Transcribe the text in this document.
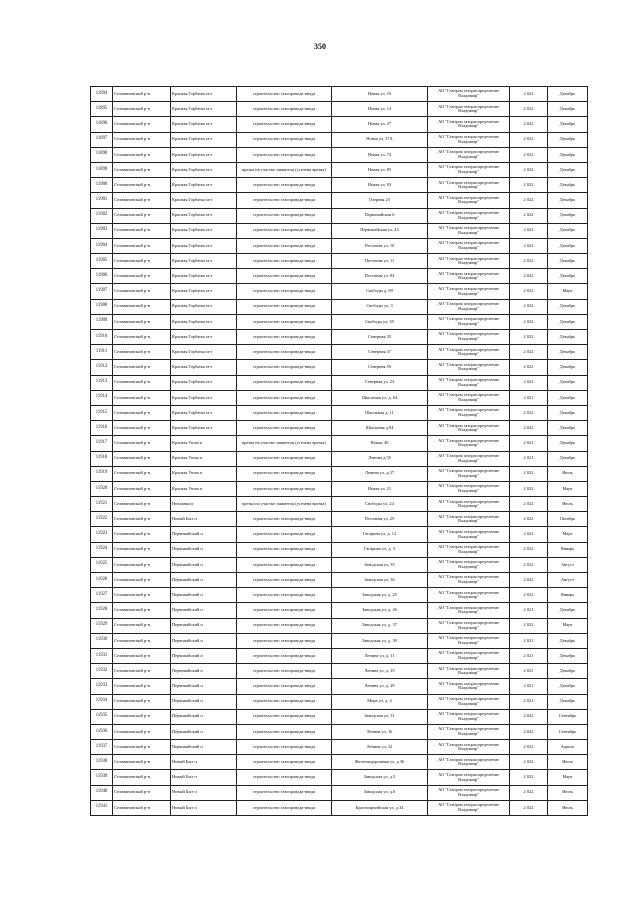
350
11894	Селивановский р-н	Красная Горбатка пгт	строительство газопровода-ввода	Новая ул, 10	АО "Газпром газораспределение Владимир"	2 022	Декабрь
11895	Селивановский р-н	Красная Горбатка пгт	строительство газопровода-ввода	Новая ул, 14	АО "Газпром газораспределение Владимир"	2 022	Декабрь
11896	Селивановский р-н	Красная Горбатка пгт	строительство газопровода-ввода	Новая ул, 27	АО "Газпром газораспределение Владимир"	2 022	Декабрь
11897	Селивановский р-н	Красная Горбатка пгт	строительство газопровода-ввода	Новая ул, 37А	АО "Газпром газораспределение Владимир"	2 022	Декабрь
11898	Селивановский р-н	Красная Горбатка пгт	строительство газопровода-ввода	Новая ул, 74	АО "Газпром газораспределение Владимир"	2 022	Декабрь
11899	Селивановский р-н	Красная Горбатка пгт	врезка на участке заявителя (усечена врезка)	Новая ул, 85	АО "Газпром газораспределение Владимир"	2 022	Декабрь
11900	Селивановский р-н	Красная Горбатка пгт	строительство газопровода-ввода	Новая ул, 93	АО "Газпром газораспределение Владимир"	2 022	Декабрь
11901	Селивановский р-н	Красная Горбатка пгт	строительство газопровода-ввода	Озерная 25	АО "Газпром газораспределение Владимир"	2 022	Декабрь
11902	Селивановский р-н	Красная Горбатка пгт	строительство газопровода-ввода	Первомайская 6	АО "Газпром газораспределение Владимир"	2 022	Декабрь
11903	Селивановский р-н	Красная Горбатка пгт	строительство газопровода-ввода	Первомайская ул, 43	АО "Газпром газораспределение Владимир"	2 022	Декабрь
11904	Селивановский р-н	Красная Горбатка пгт	строительство газопровода-ввода	Песочная ул, 10	АО "Газпром газораспределение Владимир"	2 022	Декабрь
11905	Селивановский р-н	Красная Горбатка пгт	строительство газопровода-ввода	Песочная ул, 11	АО "Газпром газораспределение Владимир"	2 022	Декабрь
11906	Селивановский р-н	Красная Горбатка пгт	строительство газопровода-ввода	Песочная ул, 84	АО "Газпром газораспределение Владимир"	2 022	Декабрь
11907	Селивановский р-н	Красная Горбатка пгт	строительство газопровода-ввода	Свободы д. 99	АО "Газпром газораспределение Владимир"	2 022	Март
11908	Селивановский р-н	Красная Горбатка пгт	строительство газопровода-ввода	Свободы ул, 3	АО "Газпром газораспределение Владимир"	2 022	Декабрь
11909	Селивановский р-н	Красная Горбатка пгт	строительство газопровода-ввода	Свободы ул, 39	АО "Газпром газораспределение Владимир"	2 022	Декабрь
11910	Селивановский р-н	Красная Горбатка пгт	строительство газопровода-ввода	Северная 35	АО "Газпром газораспределение Владимир"	2 022	Декабрь
11911	Селивановский р-н	Красная Горбатка пгт	строительство газопровода-ввода	Северная 37	АО "Газпром газораспределение Владимир"	2 022	Декабрь
11912	Селивановский р-н	Красная Горбатка пгт	строительство газопровода-ввода	Северная 59	АО "Газпром газораспределение Владимир"	2 022	Декабрь
11913	Селивановский р-н	Красная Горбатка пгт	строительство газопровода-ввода	Северная ул, 23	АО "Газпром газораспределение Владимир"	2 022	Декабрь
11914	Селивановский р-н	Красная Горбатка пгт	строительство газопровода-ввода	Школьная ул, д. 64	АО "Газпром газораспределение Владимир"	2 021	Декабрь
11915	Селивановский р-н	Красная Горбатка пгт	строительство газопровода-ввода	Школьная д. 11	АО "Газпром газораспределение Владимир"	2 022	Декабрь
11916	Селивановский р-н	Красная Горбатка пгт	строительство газопровода-ввода	Школьная д.94	АО "Газпром газораспределение Владимир"	2 022	Декабрь
11917	Селивановский р-н	Красная Ушна п	врезка на участке заявителя (усечена врезка)	Новая, 40	АО "Газпром газораспределение Владимир"	2 021	Декабрь
11918	Селивановский р-н	Красная Ушна п	строительство газопровода-ввода	Ленина д.35	АО "Газпром газораспределение Владимир"	2 021	Декабрь
11919	Селивановский р-н	Красная Ушна п	строительство газопровода-ввода	Ленина ул, д.37	АО "Газпром газораспределение Владимир"	2 022	Июль
11920	Селивановский р-н	Красная Ушна п	строительство газопровода-ввода	Новая ул, 21	АО "Газпром газораспределение Владимир"	2 022	Март
11921	Селивановский р-н	Новлянка п	врезка на участке заявителя (усечена врезка)	Свободы ул, 24	АО "Газпром газораспределение Владимир"	2 022	Июль
11922	Селивановский р-н	Новый Быт п	строительство газопровода-ввода	Песочная ул, 29	АО "Газпром газораспределение Владимир"	2 022	Октябрь
11923	Селивановский р-н	Первомайский п	строительство газопровода-ввода	Гагарина ул, д. 12	АО "Газпром газораспределение Владимир"	2 022	Март
11924	Селивановский р-н	Первомайский п	строительство газопровода-ввода	Гагарина ул, д. 3	АО "Газпром газораспределение Владимир"	2 022	Январь
11925	Селивановский р-н	Первомайский п	строительство газопровода-ввода	Заводская ул, 35	АО "Газпром газораспределение Владимир"	2 022	Август
11926	Селивановский р-н	Первомайский п	строительство газопровода-ввода	Заводская ул, 36	АО "Газпром газораспределение Владимир"	2 022	Август
11927	Селивановский р-н	Первомайский п	строительство газопровода-ввода	Заводская ул, д. 25	АО "Газпром газораспределение Владимир"	2 022	Январь
11928	Селивановский р-н	Первомайский п	строительство газопровода-ввода	Заводская ул, д. 26	АО "Газпром газораспределение Владимир"	2 021	Декабрь
11929	Селивановский р-н	Первомайский п	строительство газопровода-ввода	Заводская ул, д. 37	АО "Газпром газораспределение Владимир"	2 022	Март
11930	Селивановский р-н	Первомайский п	строительство газопровода-ввода	Заводская ул, д. 39	АО "Газпром газораспределение Владимир"	2 021	Декабрь
11931	Селивановский р-н	Первомайский п	строительство газопровода-ввода	Ленина ул, д. 11	АО "Газпром газораспределение Владимир"	2 021	Декабрь
11932	Селивановский р-н	Первомайский п	строительство газопровода-ввода	Ленина ул, д. 25	АО "Газпром газораспределение Владимир"	2 021	Декабрь
11933	Селивановский р-н	Первомайский п	строительство газопровода-ввода	Ленина ул, д. 29	АО "Газпром газораспределение Владимир"	2 021	Декабрь
11934	Селивановский р-н	Первомайский п	строительство газопровода-ввода	Мира ул, д. 4	АО "Газпром газораспределение Владимир"	2 021	Декабрь
11935	Селивановский р-н	Первомайский п	строительство газопровода-ввода	Заводская ул, 31	АО "Газпром газораспределение Владимир"	2 022	Сентябрь
11936	Селивановский р-н	Первомайский п	строительство газопровода-ввода	Ленина ул, 16	АО "Газпром газораспределение Владимир"	2 022	Сентябрь
11937	Селивановский р-н	Первомайский п	строительство газопровода-ввода	Ленина ул, 32	АО "Газпром газораспределение Владимир"	2 022	Апрель
11938	Селивановский р-н	Новый Быт п	строительство газопровода-ввода	Железнодорожная ул, д.36	АО "Газпром газораспределение Владимир"	2 022	Июль
11939	Селивановский р-н	Новый Быт п	строительство газопровода-ввода	Заводская ул, д.5	АО "Газпром газораспределение Владимир"	2 022	Март
11940	Селивановский р-н	Новый Быт п	строительство газопровода-ввода	Заводская ул, д.6	АО "Газпром газораспределение Владимир"	2 022	Июль
11941	Селивановский р-н	Новый Быт п	строительство газопровода-ввода	Красноармейская ул, д.34	АО "Газпром газораспределение Владимир"	2 022	Июль
